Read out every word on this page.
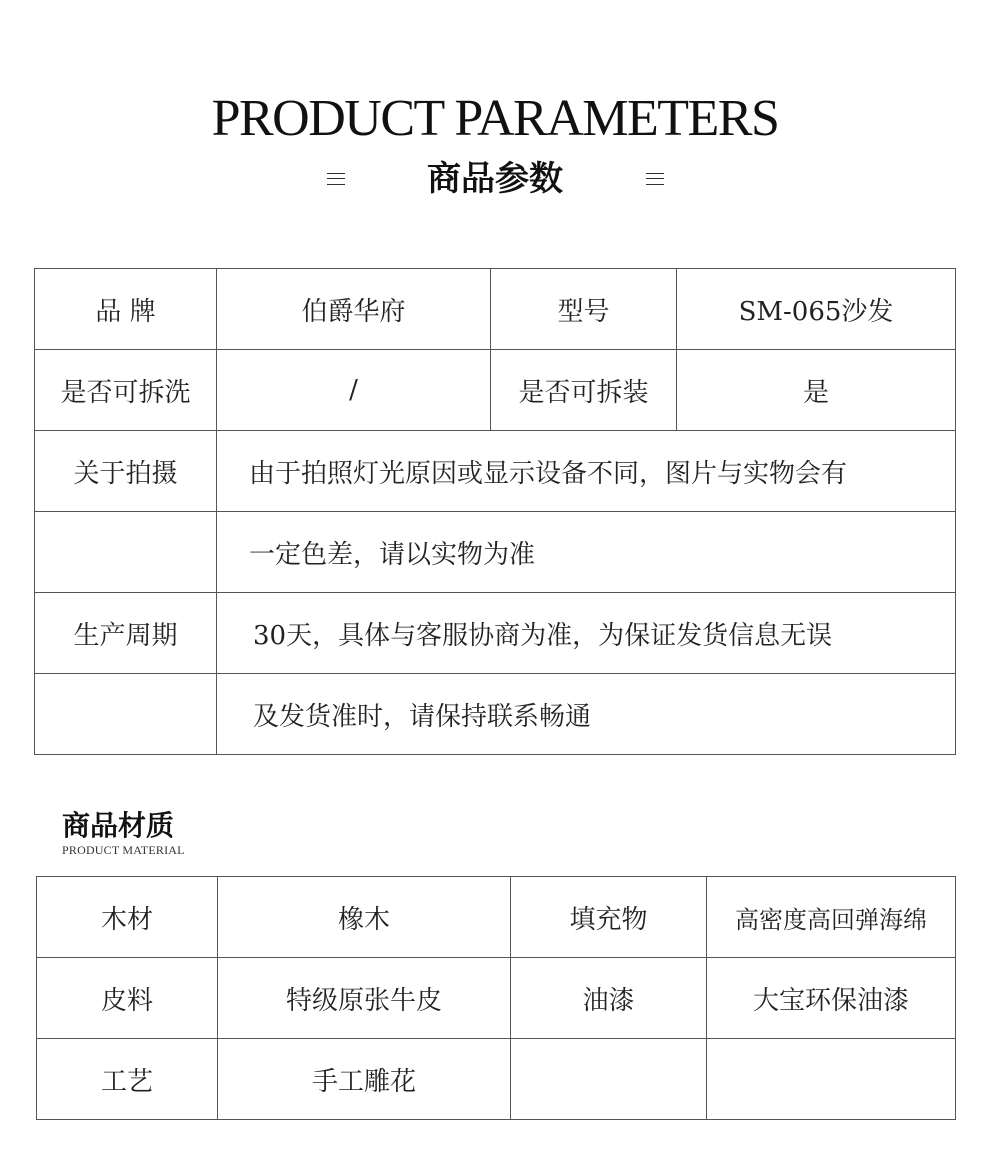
PRODUCT PARAMETERS
商品参数
品 牌	伯爵华府	型号	SM-065沙发
是否可拆洗	/	是否可拆装	是
关于拍摄	由于拍照灯光原因或显示设备不同，图片与实物会有		
	一定色差，请以实物为准		
生产周期	30天，具体与客服协商为准，为保证发货信息无误		
	及发货准时，请保持联系畅通		
商品材质
PRODUCT MATERIAL
木材	橡木	填充物	高密度高回弹海绵
皮料	特级原张牛皮	油漆	大宝环保油漆
工艺	手工雕花		
